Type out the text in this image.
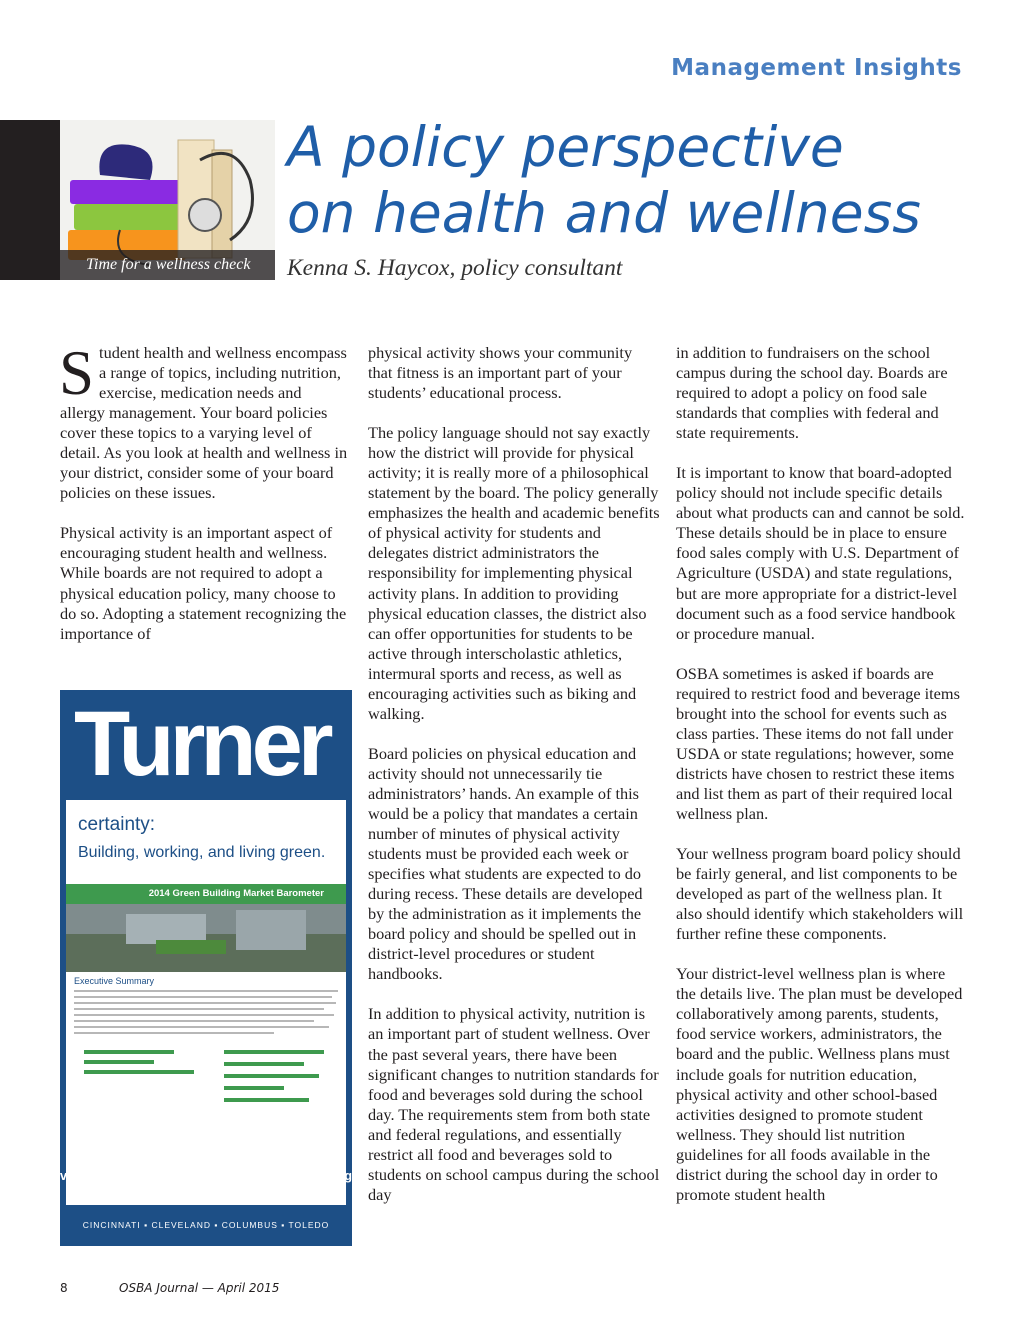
Management Insights
Time for a wellness check
A policy perspective
on health and wellness
Kenna S. Haycox, policy consultant

Student health and wellness encompass a range of topics, including nutrition, exercise, medication needs and allergy management. Your board policies cover these topics to a varying level of detail. As you look at health and wellness in your district, consider some of your board policies on these issues.

Physical activity is an important aspect of encouraging student health and wellness. While boards are not required to adopt a physical education policy, many choose to do so. Adopting a statement recognizing the importance of

physical activity shows your community that fitness is an important part of your students’ educational process.

The policy language should not say exactly how the district will provide for physical activity; it is really more of a philosophical statement by the board. The policy generally emphasizes the health and academic benefits of physical activity for students and delegates district administrators the responsibility for implementing physical activity plans. In addition to providing physical education classes, the district also can offer opportunities for students to be active through interscholastic athletics, intermural sports and recess, as well as encouraging activities such as biking and walking.

Board policies on physical education and activity should not unnecessarily tie administrators’ hands. An example of this would be a policy that mandates a certain number of minutes of physical activity students must be provided each week or specifies what students are expected to do during recess. These details are developed by the administration as it implements the board policy and should be spelled out in district-level procedures or student handbooks.

In addition to physical activity, nutrition is an important part of student wellness. Over the past several years, there have been significant changes to nutrition standards for food and beverages sold during the school day. The requirements stem from both state and federal regulations, and essentially restrict all food and beverages sold to students on school campus during the school day

in addition to fundraisers on the school campus during the school day. Boards are required to adopt a policy on food sale standards that complies with federal and state requirements.

It is important to know that board-adopted policy should not include specific details about what products can and cannot be sold. These details should be in place to ensure food sales comply with U.S. Department of Agriculture (USDA) and state regulations, but are more appropriate for a district-level document such as a food service handbook or procedure manual.

OSBA sometimes is asked if boards are required to restrict food and beverage items brought into the school for events such as class parties. These items do not fall under USDA or state regulations; however, some districts have chosen to restrict these items and list them as part of their required local wellness plan.

Your wellness program board policy should be fairly general, and list components to be developed as part of the wellness plan. It also should identify which stakeholders will further refine these components.

Your district-level wellness plan is where the details live. The plan must be developed collaboratively among parents, students, food service workers, administrators, the board and the public. Wellness plans must include goals for nutrition education, physical activity and other school-based activities designed to promote student wellness. They should list nutrition guidelines for all foods available in the district during the school day in order to promote student health

Turner
certainty:
Building, working, and living green.
2014 Green Building Market Barometer
Executive Summary
What questions do you have about Green Building?
visit www.turnerconstruction.com/green-building
CINCINNATI ▪ CLEVELAND ▪ COLUMBUS ▪ TOLEDO
8	OSBA Journal — April 2015
